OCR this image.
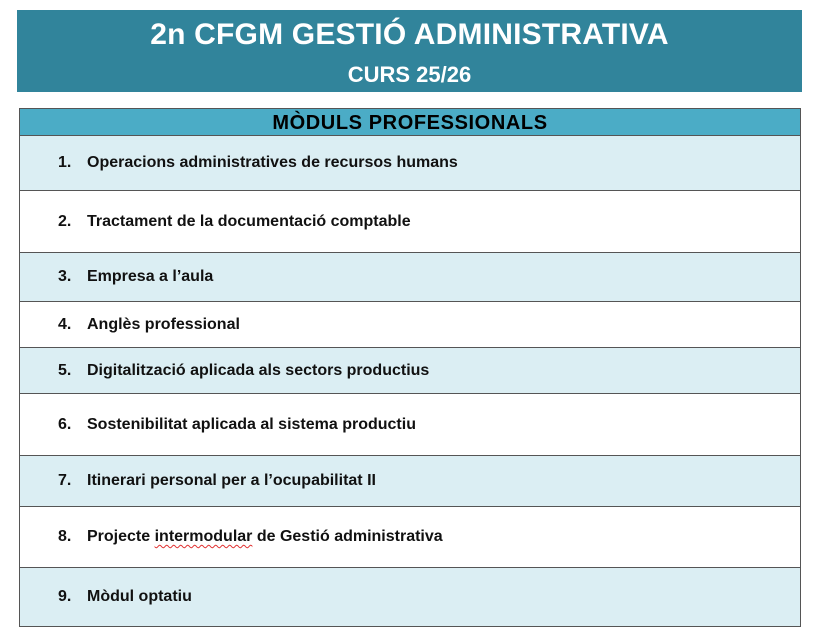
2n CFGM GESTIÓ ADMINISTRATIVA
CURS 25/26
MÒDULS PROFESSIONALS
1. Operacions administratives de recursos humans
2. Tractament de la documentació comptable
3. Empresa a l’aula
4. Anglès professional
5. Digitalització aplicada als sectors productius
6. Sostenibilitat aplicada al sistema productiu
7. Itinerari personal per a l’ocupabilitat II
8. Projecte intermodular de Gestió administrativa
9. Mòdul optatiu
